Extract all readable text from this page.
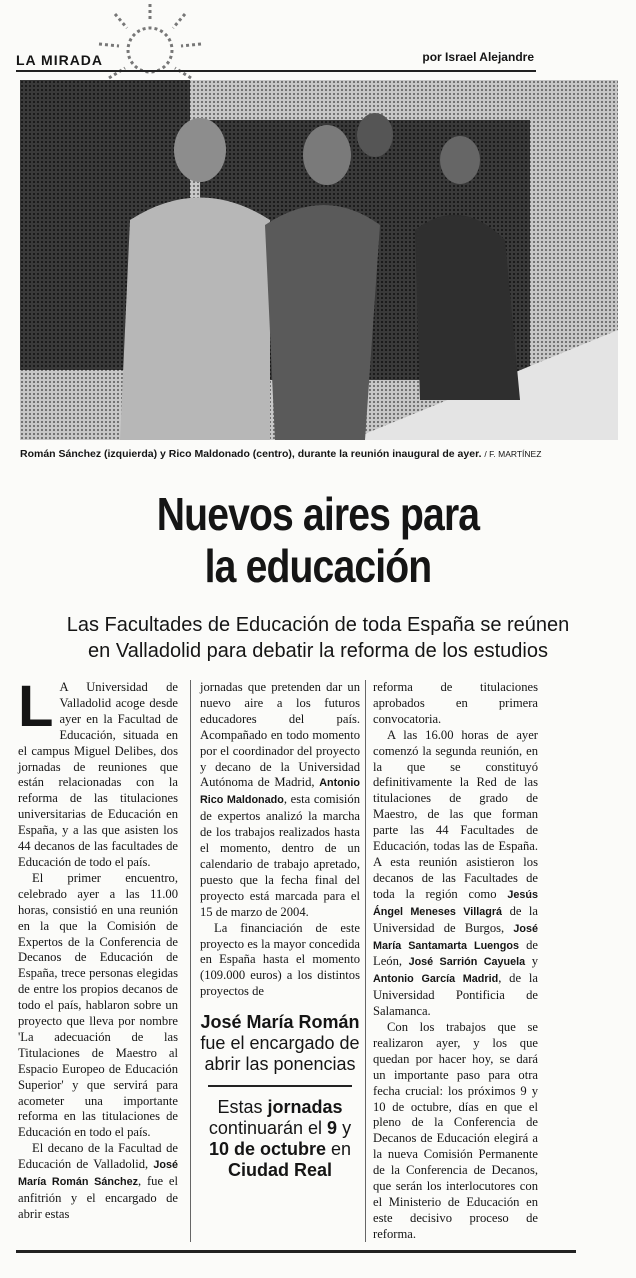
LA MIRADA	por Israel Alejandre
Román Sánchez (izquierda) y Rico Maldonado (centro), durante la reunión inaugural de ayer. / F. MARTÍNEZ
Nuevos aires para
la educación
Las Facultades de Educación de toda España se reúnen
en Valladolid para debatir la reforma de los estudios
L A Universidad de Valladolid acoge desde ayer en la Facultad de Educación, situada en el campus Miguel Delibes, dos jornadas de reuniones que están relacionadas con la reforma de las titulaciones universitarias de Educación en España, y a las que asisten los 44 decanos de las facultades de Educación de todo el país.

El primer encuentro, celebrado ayer a las 11.00 horas, consistió en una reunión en la que la Comisión de Expertos de la Conferencia de Decanos de Educación de España, trece personas elegidas de entre los propios decanos de todo el país, hablaron sobre un proyecto que lleva por nombre 'La adecuación de las Titulaciones de Maestro al Espacio Europeo de Educación Superior' y que servirá para acometer una importante reforma en las titulaciones de Educación en todo el país.

El decano de la Facultad de Educación de Valladolid, José María Román Sánchez, fue el anfitrión y el encargado de abrir estas

jornadas que pretenden dar un nuevo aire a los futuros educadores del país. Acompañado en todo momento por el coordinador del proyecto y decano de la Universidad Autónoma de Madrid, Antonio Rico Maldonado, esta comisión de expertos analizó la marcha de los trabajos realizados hasta el momento, dentro de un calendario de trabajo apretado, puesto que la fecha final del proyecto está marcada para el 15 de marzo de 2004.

La financiación de este proyecto es la mayor concedida en España hasta el momento (109.000 euros) a los distintos proyectos de

José María Román fue el encargado de abrir las ponencias
Estas jornadas continuarán el 9 y 10 de octubre en Ciudad Real

reforma de titulaciones aprobados en primera convocatoria.

A las 16.00 horas de ayer comenzó la segunda reunión, en la que se constituyó definitivamente la Red de las titulaciones de grado de Maestro, de las que forman parte las 44 Facultades de Educación, todas las de España. A esta reunión asistieron los decanos de las Facultades de toda la región como Jesús Ángel Meneses Villagrá de la Universidad de Burgos, José María Santamarta Luengos de León, José Sarrión Cayuela y Antonio García Madrid, de la Universidad Pontificia de Salamanca.

Con los trabajos que se realizaron ayer, y los que quedan por hacer hoy, se dará un importante paso para otra fecha crucial: los próximos 9 y 10 de octubre, días en que el pleno de la Conferencia de Decanos de Educación elegirá a la nueva Comisión Permanente de la Conferencia de Decanos, que serán los interlocutores con el Ministerio de Educación en este decisivo proceso de reforma.
